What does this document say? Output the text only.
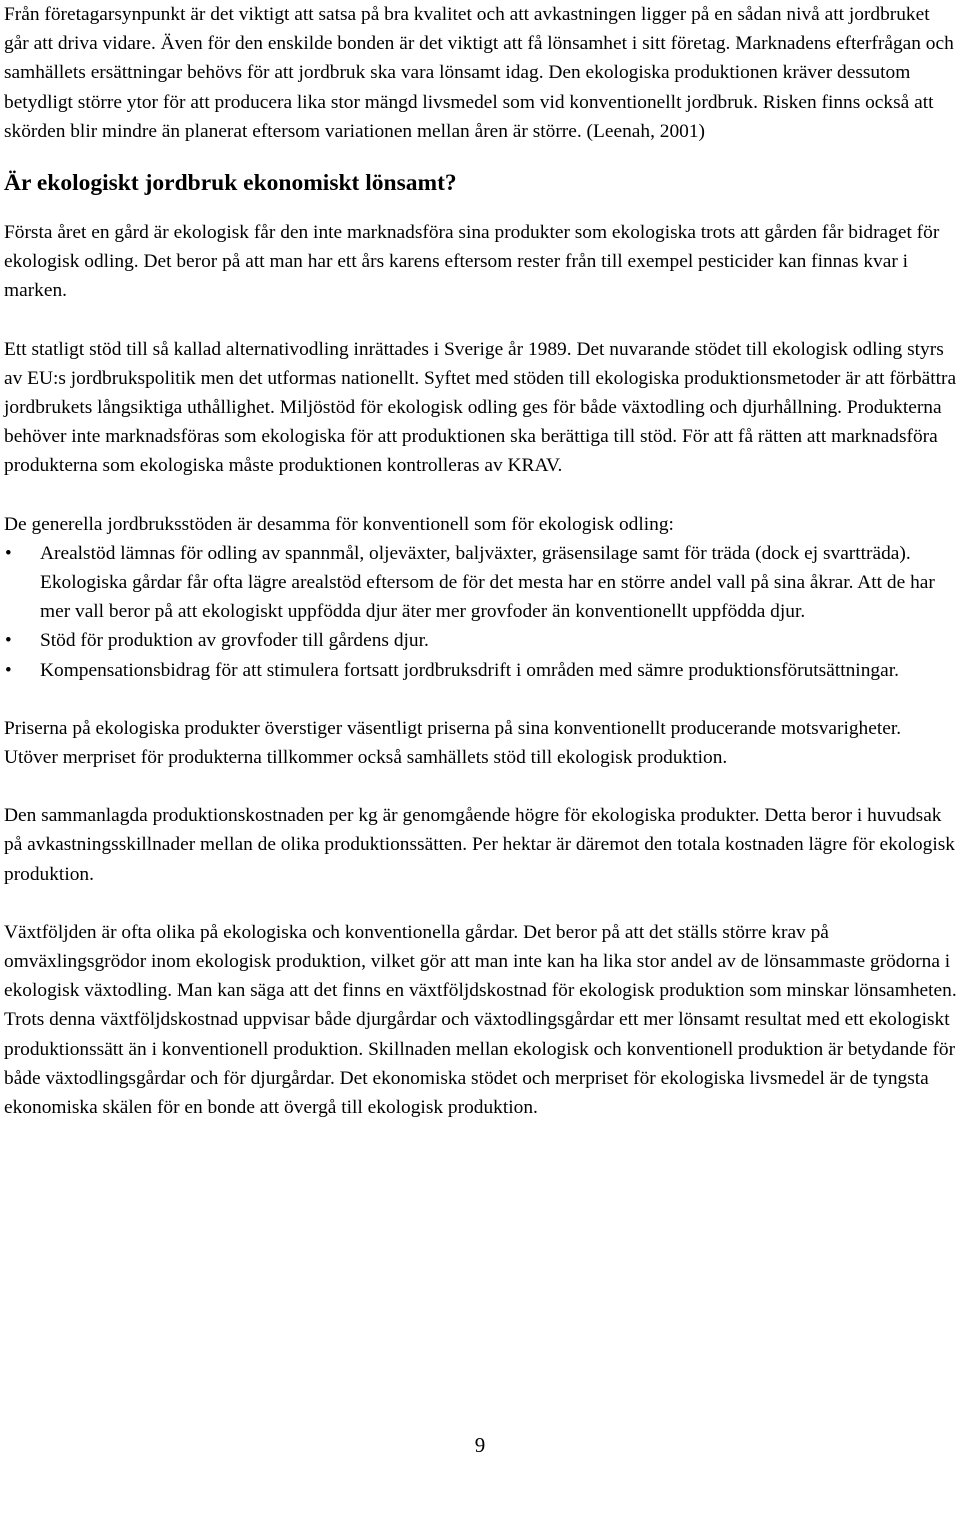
Från företagarsynpunkt är det viktigt att satsa på bra kvalitet och att avkastningen ligger på en sådan nivå att jordbruket går att driva vidare. Även för den enskilde bonden är det viktigt att få lönsamhet i sitt företag. Marknadens efterfrågan och samhällets ersättningar behövs för att jordbruk ska vara lönsamt idag. Den ekologiska produktionen kräver dessutom betydligt större ytor för att producera lika stor mängd livsmedel som vid konventionellt jordbruk. Risken finns också att skörden blir mindre än planerat eftersom variationen mellan åren är större. (Leenah, 2001)

Är ekologiskt jordbruk ekonomiskt lönsamt?

Första året en gård är ekologisk får den inte marknadsföra sina produkter som ekologiska trots att gården får bidraget för ekologisk odling. Det beror på att man har ett års karens eftersom rester från till exempel pesticider kan finnas kvar i marken.

Ett statligt stöd till så kallad alternativodling inrättades i Sverige år 1989. Det nuvarande stödet till ekologisk odling styrs av EU:s jordbrukspolitik men det utformas nationellt. Syftet med stöden till ekologiska produktionsmetoder är att förbättra jordbrukets långsiktiga uthållighet. Miljöstöd för ekologisk odling ges för både växtodling och djurhållning. Produkterna behöver inte marknadsföras som ekologiska för att produktionen ska berättiga till stöd. För att få rätten att marknadsföra produkterna som ekologiska måste produktionen kontrolleras av KRAV.

De generella jordbruksstöden är desamma för konventionell som för ekologisk odling:

•	Arealstöd lämnas för odling av spannmål, oljeväxter, baljväxter, gräsensilage samt för träda (dock ej svartträda). Ekologiska gårdar får ofta lägre arealstöd eftersom de för det mesta har en större andel vall på sina åkrar. Att de har mer vall beror på att ekologiskt uppfödda djur äter mer grovfoder än konventionellt uppfödda djur.
•	Stöd för produktion av grovfoder till gårdens djur.
•	Kompensationsbidrag för att stimulera fortsatt jordbruksdrift i områden med sämre produktionsförutsättningar.

Priserna på ekologiska produkter överstiger väsentligt priserna på sina konventionellt producerande motsvarigheter. Utöver merpriset för produkterna tillkommer också samhällets stöd till ekologisk produktion.

Den sammanlagda produktionskostnaden per kg är genomgående högre för ekologiska produkter. Detta beror i huvudsak på avkastningsskillnader mellan de olika produktionssätten. Per hektar är däremot den totala kostnaden lägre för ekologisk produktion.

Växtföljden är ofta olika på ekologiska och konventionella gårdar. Det beror på att det ställs större krav på omväxlingsgrödor inom ekologisk produktion, vilket gör att man inte kan ha lika stor andel av de lönsammaste grödorna i ekologisk växtodling. Man kan säga att det finns en växtföljdskostnad för ekologisk produktion som minskar lönsamheten. Trots denna växtföljdskostnad uppvisar både djurgårdar och växtodlingsgårdar ett mer lönsamt resultat med ett ekologiskt produktionssätt än i konventionell produktion. Skillnaden mellan ekologisk och konventionell produktion är betydande för både växtodlingsgårdar och för djurgårdar. Det ekonomiska stödet och merpriset för ekologiska livsmedel är de tyngsta ekonomiska skälen för en bonde att övergå till ekologisk produktion.

9
